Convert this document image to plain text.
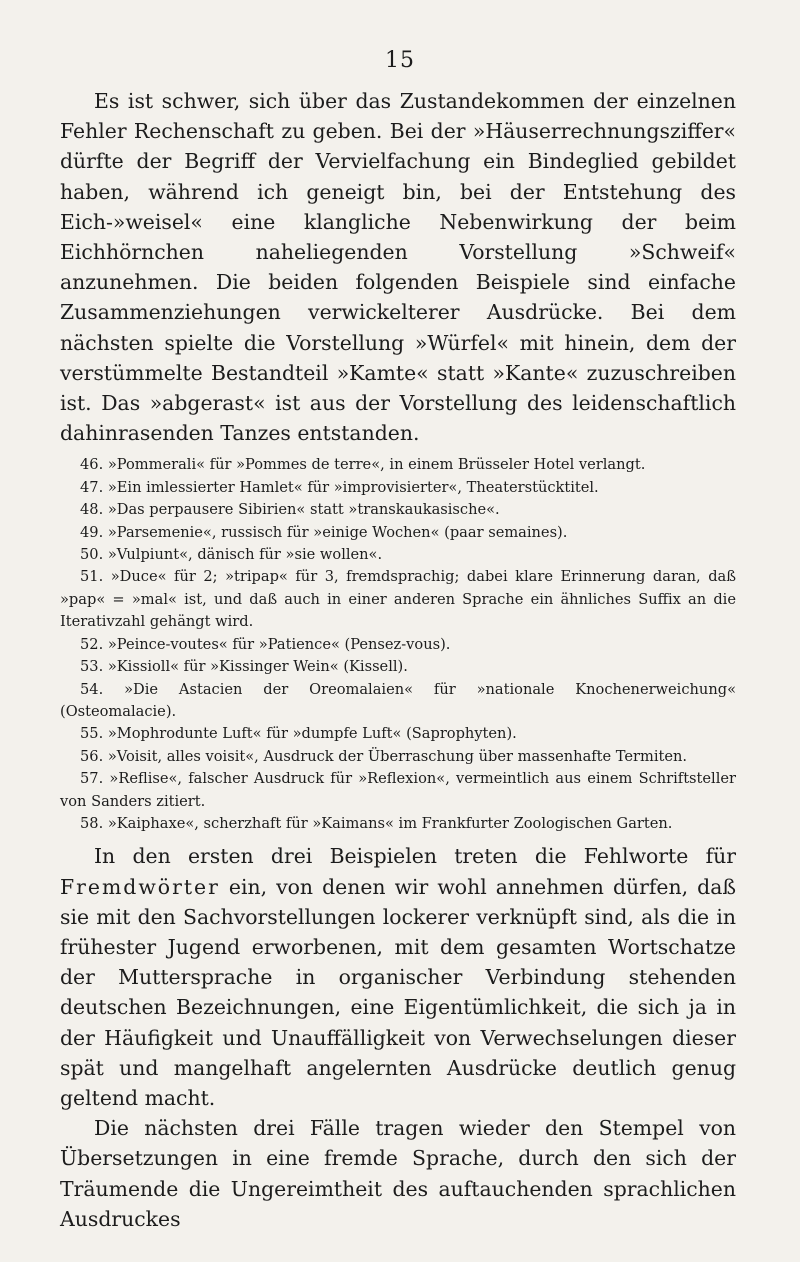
15

Es ist schwer, sich über das Zustandekommen der einzelnen Fehler Rechenschaft zu geben. Bei der »Häuserrechnungsziffer« dürfte der Begriff der Vervielfachung ein Bindeglied gebildet haben, während ich geneigt bin, bei der Entstehung des Eich-»weisel« eine klangliche Nebenwirkung der beim Eichhörnchen naheliegenden Vorstellung »Schweif« anzunehmen. Die beiden folgenden Beispiele sind einfache Zusammenziehungen verwickelterer Ausdrücke. Bei dem nächsten spielte die Vorstellung »Würfel« mit hinein, dem der verstümmelte Bestandteil »Kamte« statt »Kante« zuzuschreiben ist. Das »abgerast« ist aus der Vorstellung des leidenschaftlich dahinrasenden Tanzes entstanden.

46. »Pommerali« für »Pommes de terre«, in einem Brüsseler Hotel verlangt.

47. »Ein imlessierter Hamlet« für »improvisierter«, Theaterstücktitel.

48. »Das perpausere Sibirien« statt »transkaukasische«.

49. »Parsemenie«, russisch für »einige Wochen« (paar semaines).

50. »Vulpiunt«, dänisch für »sie wollen«.

51. »Duce« für 2; »tripap« für 3, fremdsprachig; dabei klare Erinnerung daran, daß »pap« = »mal« ist, und daß auch in einer anderen Sprache ein ähnliches Suffix an die Iterativzahl gehängt wird.

52. »Peince-voutes« für »Patience« (Pensez-vous).

53. »Kissioll« für »Kissinger Wein« (Kissell).

54. »Die Astacien der Oreomalaien« für »nationale Knochenerweichung« (Osteomalacie).

55. »Mophrodunte Luft« für »dumpfe Luft« (Saprophyten).

56. »Voisit, alles voisit«, Ausdruck der Überraschung über massenhafte Termiten.

57. »Reflise«, falscher Ausdruck für »Reflexion«, vermeintlich aus einem Schriftsteller von Sanders zitiert.

58. »Kaiphaxe«, scherzhaft für »Kaimans« im Frankfurter Zoologischen Garten.

In den ersten drei Beispielen treten die Fehlworte für Fremdwörter ein, von denen wir wohl annehmen dürfen, daß sie mit den Sachvorstellungen lockerer verknüpft sind, als die in frühester Jugend erworbenen, mit dem gesamten Wortschatze der Muttersprache in organischer Verbindung stehenden deutschen Bezeichnungen, eine Eigentümlichkeit, die sich ja in der Häufigkeit und Unauffälligkeit von Verwechselungen dieser spät und mangelhaft angelernten Ausdrücke deutlich genug geltend macht.

Die nächsten drei Fälle tragen wieder den Stempel von Übersetzungen in eine fremde Sprache, durch den sich der Träumende die Ungereimtheit des auftauchenden sprachlichen Ausdruckes
